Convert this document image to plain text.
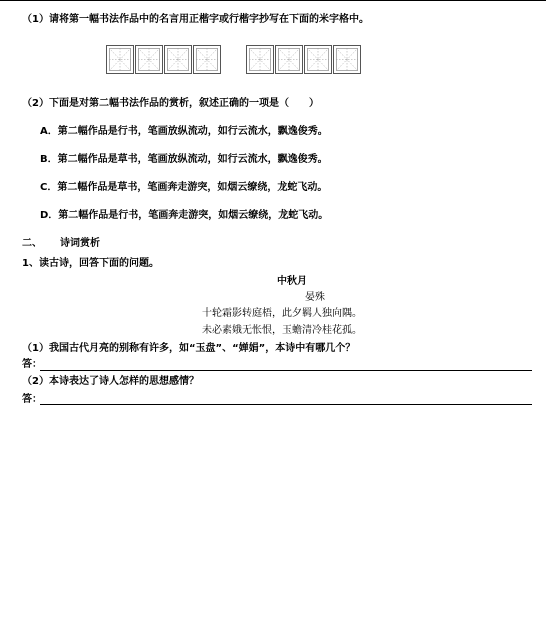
（1）请将第一幅书法作品中的名言用正楷字或行楷字抄写在下面的米字格中。
（2）下面是对第二幅书法作品的赏析，叙述正确的一项是（　　）
A．第二幅作品是行书，笔画放纵流动，如行云流水，飘逸俊秀。
B．第二幅作品是草书，笔画放纵流动，如行云流水，飘逸俊秀。
C．第二幅作品是草书，笔画奔走游突，如烟云缭绕，龙蛇飞动。
D．第二幅作品是行书，笔画奔走游突，如烟云缭绕，龙蛇飞动。
二、 诗词赏析
1、读古诗，回答下面的问题。
中秋月
晏殊
十轮霜影转庭梧，此夕羁人独向隅。
未必素娥无怅恨，玉蟾清冷桂花孤。
（1）我国古代月亮的别称有许多，如“玉盘”、“婵娟”，本诗中有哪几个？
答：
（2）本诗表达了诗人怎样的思想感情？
答：
